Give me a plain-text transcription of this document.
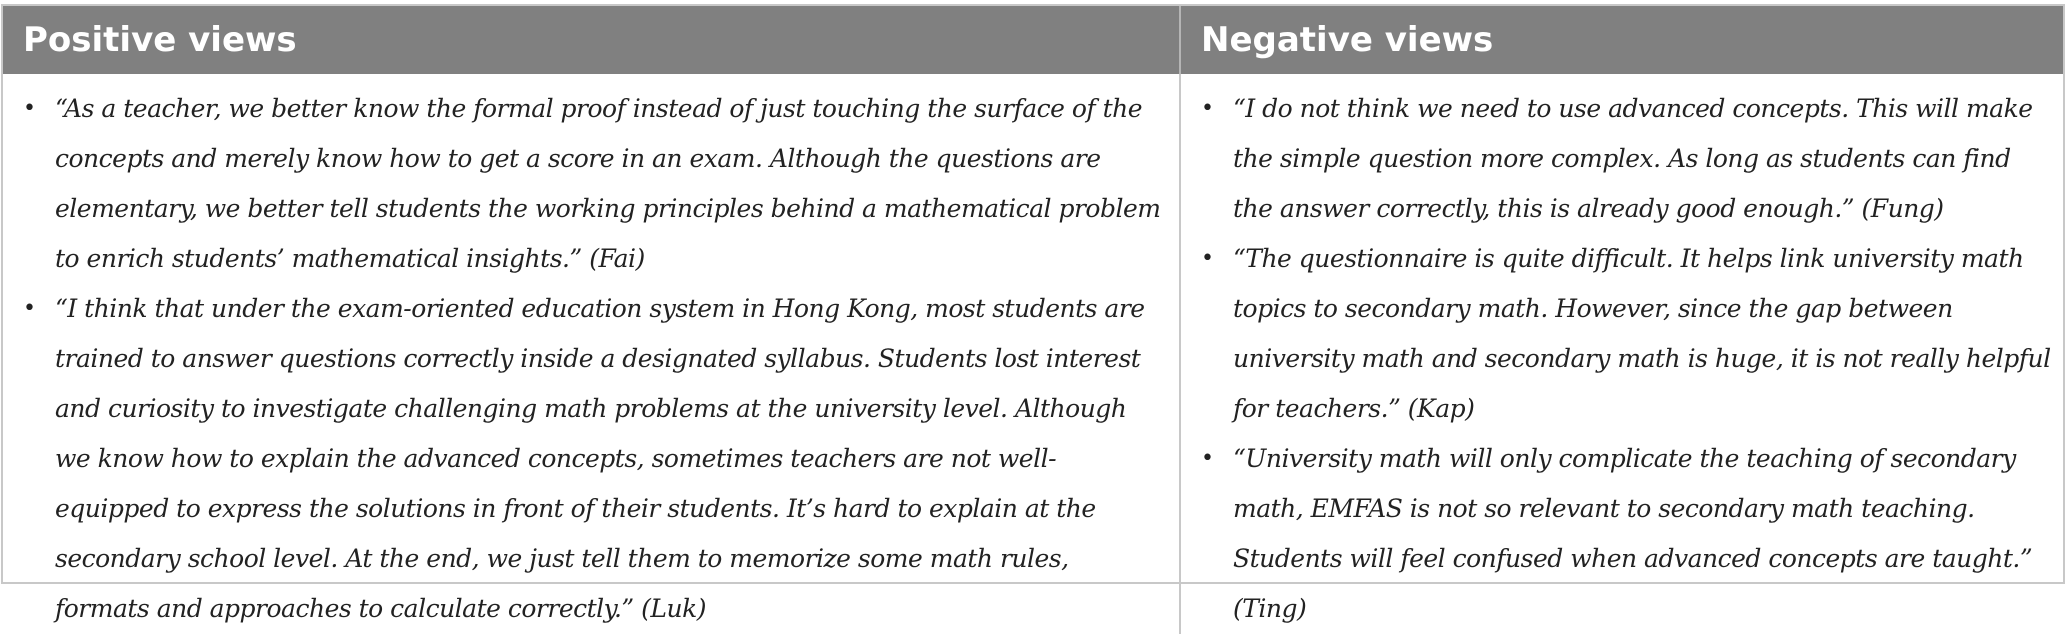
Positive views	Negative views
• “As a teacher, we better know the formal proof instead of just touching the surface of the concepts and merely know how to get a score in an exam. Although the questions are elementary, we better tell students the working principles behind a mathematical problem to enrich students’ mathematical insights.” (Fai)
• “I think that under the exam-oriented education system in Hong Kong, most students are trained to answer questions correctly inside a designated syllabus. Students lost interest and curiosity to investigate challenging math problems at the university level. Although we know how to explain the advanced concepts, sometimes teachers are not well-equipped to express the solutions in front of their students. It’s hard to explain at the secondary school level. At the end, we just tell them to memorize some math rules, formats and approaches to calculate correctly.” (Luk)
• “I do not think we need to use advanced concepts. This will make the simple question more complex. As long as students can find the answer correctly, this is already good enough.” (Fung)
• “The questionnaire is quite difficult. It helps link university math topics to secondary math. However, since the gap between university math and secondary math is huge, it is not really helpful for teachers.” (Kap)
• “University math will only complicate the teaching of secondary math, EMFAS is not so relevant to secondary math teaching. Students will feel confused when advanced concepts are taught.” (Ting)
